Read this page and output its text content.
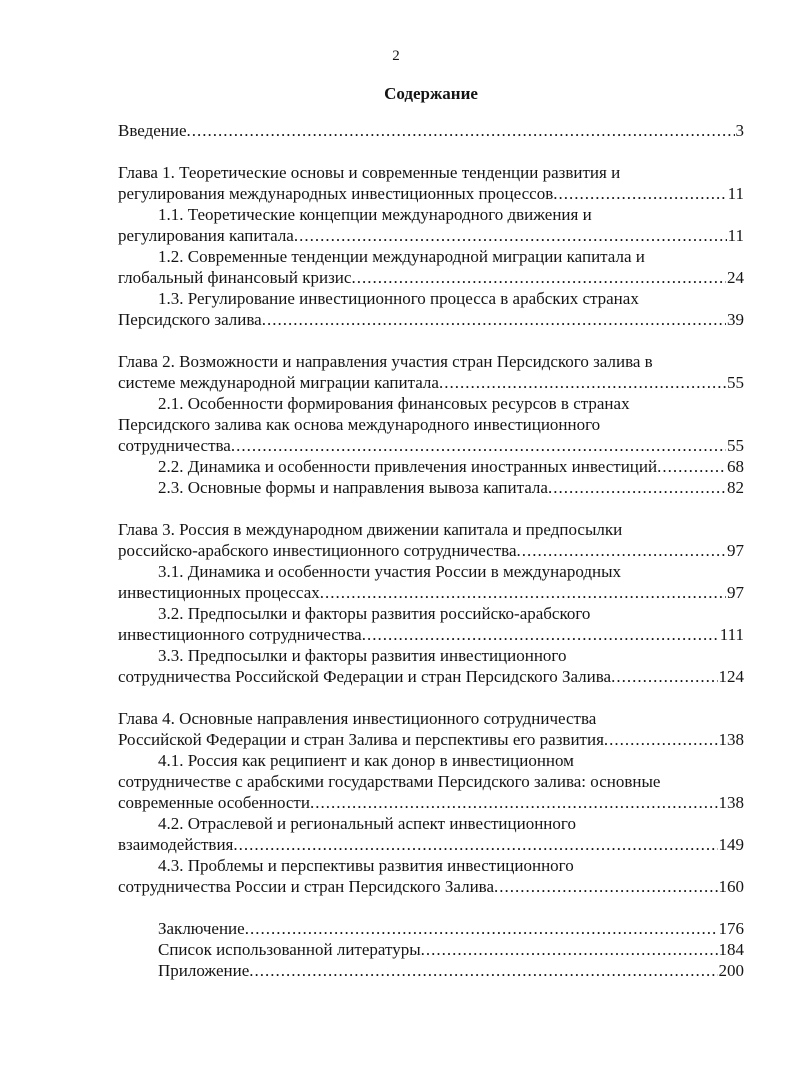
2
Содержание
Введение .....	3
Глава 1. Теоретические основы и современные тенденции развития и
регулирования международных инвестиционных процессов .....	11
1.1. Теоретические концепции международного движения и
регулирования капитала .....	11
1.2. Современные тенденции международной миграции капитала и
глобальный финансовый кризис .....	24
1.3. Регулирование инвестиционного процесса в арабских странах
Персидского залива .....	39
Глава 2. Возможности и направления участия стран Персидского залива в
системе международной миграции капитала .....	55
2.1. Особенности формирования финансовых ресурсов в странах
Персидского залива как основа международного инвестиционного
сотрудничества .....	55
2.2. Динамика и особенности привлечения иностранных инвестиций .....	68
2.3. Основные формы и направления вывоза капитала .....	82
Глава 3. Россия в международном движении капитала и предпосылки
российско-арабского инвестиционного сотрудничества .....	97
3.1. Динамика и особенности участия России в международных
инвестиционных процессах .....	97
3.2. Предпосылки и факторы развития российско-арабского
инвестиционного сотрудничества .....	111
3.3. Предпосылки и факторы развития инвестиционного
сотрудничества Российской Федерации и стран Персидского Залива .....	124
Глава 4. Основные направления инвестиционного сотрудничества
Российской Федерации и стран Залива и перспективы его развития .....	138
4.1. Россия как реципиент и как донор в инвестиционном
сотрудничестве с арабскими государствами Персидского залива: основные
современные особенности .....	138
4.2. Отраслевой и региональный аспект инвестиционного
взаимодействия .....	149
4.3. Проблемы и перспективы развития инвестиционного
сотрудничества России и стран Персидского Залива .....	160
Заключение .....	176
Список использованной литературы .....	184
Приложение .....	200
